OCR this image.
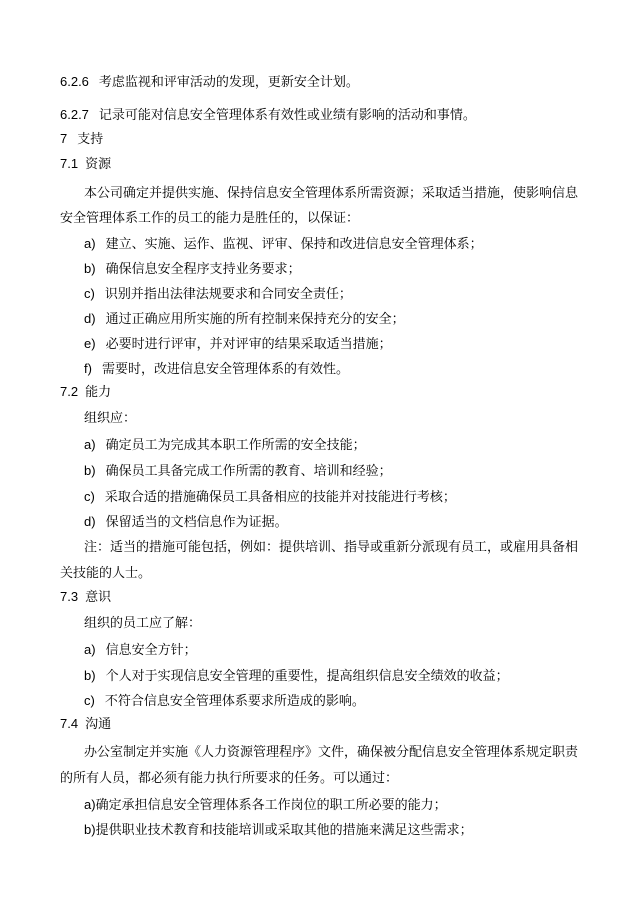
6.2.6 考虑监视和评审活动的发现，更新安全计划。
6.2.7 记录可能对信息安全管理体系有效性或业绩有影响的活动和事情。
7 支持
7.1 资源
本公司确定并提供实施、保持信息安全管理体系所需资源；采取适当措施，使影响信息
安全管理体系工作的员工的能力是胜任的，以保证：
a) 建立、实施、运作、监视、评审、保持和改进信息安全管理体系；
b) 确保信息安全程序支持业务要求；
c) 识别并指出法律法规要求和合同安全责任；
d) 通过正确应用所实施的所有控制来保持充分的安全；
e) 必要时进行评审，并对评审的结果采取适当措施；
f) 需要时，改进信息安全管理体系的有效性。
7.2 能力
组织应：
a) 确定员工为完成其本职工作所需的安全技能；
b) 确保员工具备完成工作所需的教育、培训和经验；
c) 采取合适的措施确保员工具备相应的技能并对技能进行考核；
d) 保留适当的文档信息作为证据。
注：适当的措施可能包括，例如：提供培训、指导或重新分派现有员工，或雇用具备相
关技能的人士。
7.3 意识
组织的员工应了解：
a) 信息安全方针；
b) 个人对于实现信息安全管理的重要性，提高组织信息安全绩效的收益；
c) 不符合信息安全管理体系要求所造成的影响。
7.4 沟通
办公室制定并实施《人力资源管理程序》文件，确保被分配信息安全管理体系规定职责
的所有人员，都必须有能力执行所要求的任务。可以通过：
a)确定承担信息安全管理体系各工作岗位的职工所必要的能力；
b)提供职业技术教育和技能培训或采取其他的措施来满足这些需求；
